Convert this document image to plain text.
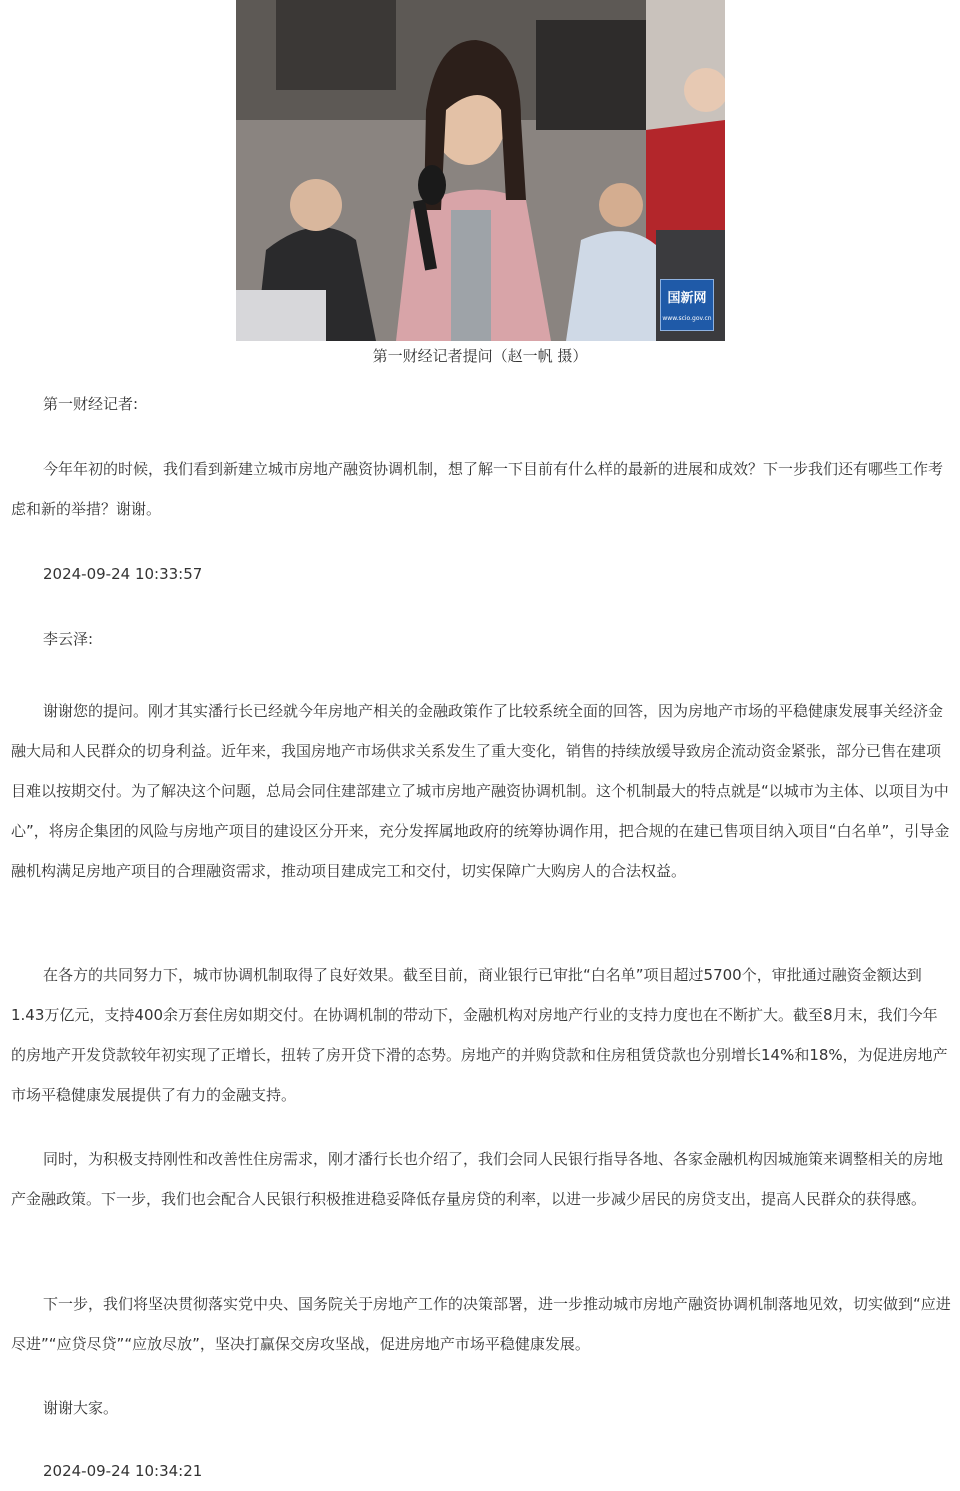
国新网
www.scio.gov.cn
第一财经记者提问（赵一帆 摄）

第一财经记者:

今年年初的时候，我们看到新建立城市房地产融资协调机制，想了解一下目前有什么样的最新的进展和成效？下一步我们还有哪些工作考虑和新的举措？谢谢。

2024-09-24 10:33:57

李云泽:

谢谢您的提问。刚才其实潘行长已经就今年房地产相关的金融政策作了比较系统全面的回答，因为房地产市场的平稳健康发展事关经济金融大局和人民群众的切身利益。近年来，我国房地产市场供求关系发生了重大变化，销售的持续放缓导致房企流动资金紧张，部分已售在建项目难以按期交付。为了解决这个问题，总局会同住建部建立了城市房地产融资协调机制。这个机制最大的特点就是“以城市为主体、以项目为中心”，将房企集团的风险与房地产项目的建设区分开来，充分发挥属地政府的统筹协调作用，把合规的在建已售项目纳入项目“白名单”，引导金融机构满足房地产项目的合理融资需求，推动项目建成完工和交付，切实保障广大购房人的合法权益。

在各方的共同努力下，城市协调机制取得了良好效果。截至目前，商业银行已审批“白名单”项目超过5700个，审批通过融资金额达到1.43万亿元，支持400余万套住房如期交付。在协调机制的带动下，金融机构对房地产行业的支持力度也在不断扩大。截至8月末，我们今年的房地产开发贷款较年初实现了正增长，扭转了房开贷下滑的态势。房地产的并购贷款和住房租赁贷款也分别增长14%和18%，为促进房地产市场平稳健康发展提供了有力的金融支持。

同时，为积极支持刚性和改善性住房需求，刚才潘行长也介绍了，我们会同人民银行指导各地、各家金融机构因城施策来调整相关的房地产金融政策。下一步，我们也会配合人民银行积极推进稳妥降低存量房贷的利率，以进一步减少居民的房贷支出，提高人民群众的获得感。

下一步，我们将坚决贯彻落实党中央、国务院关于房地产工作的决策部署，进一步推动城市房地产融资协调机制落地见效，切实做到“应进尽进”“应贷尽贷”“应放尽放”，坚决打赢保交房攻坚战，促进房地产市场平稳健康发展。

谢谢大家。

2024-09-24 10:34:21
